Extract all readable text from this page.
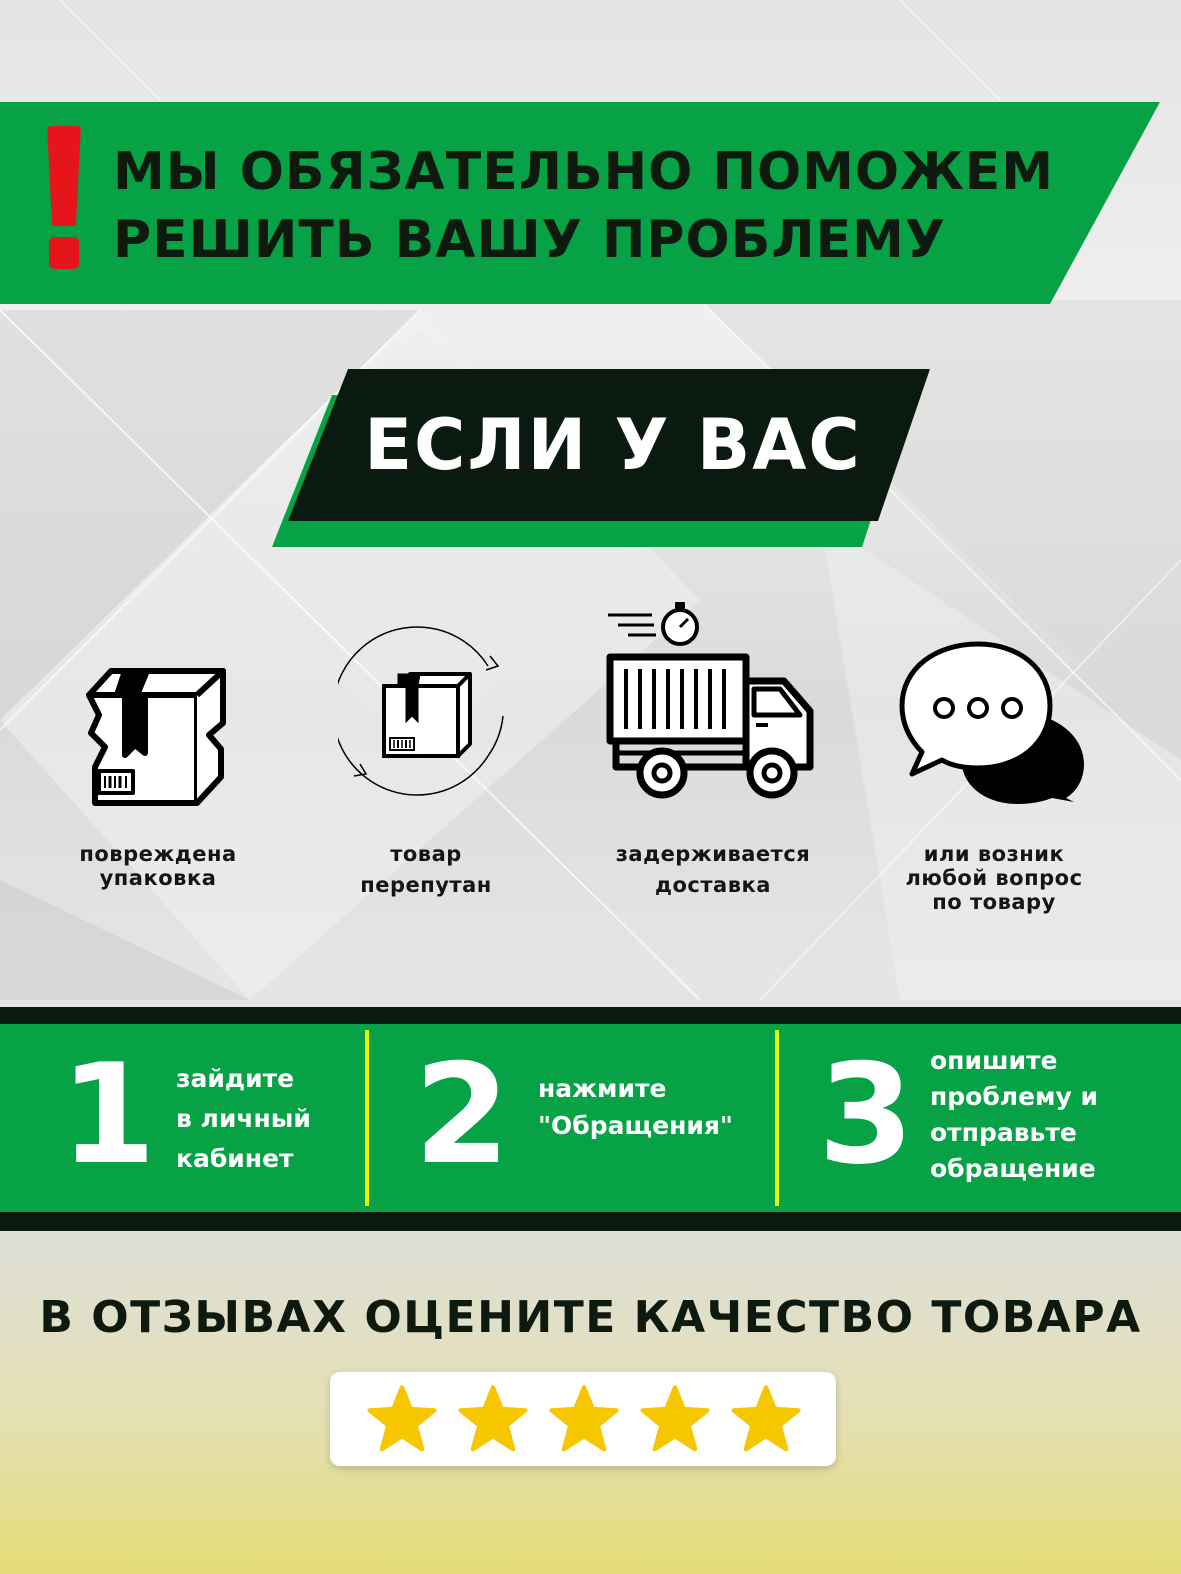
МЫ ОБЯЗАТЕЛЬНО ПОМОЖЕМ
РЕШИТЬ ВАШУ ПРОБЛЕМУ
ЕСЛИ У ВАС
повреждена
упаковка
товар
перепутан
задерживается
доставка
или возник
любой вопрос
по товару
1 зайдите
в личный
кабинет 2 нажмите
"Обращения" 3 опишите
проблему и
отправьте
обращение
В ОТЗЫВАХ ОЦЕНИТЕ КАЧЕСТВО ТОВАРА
